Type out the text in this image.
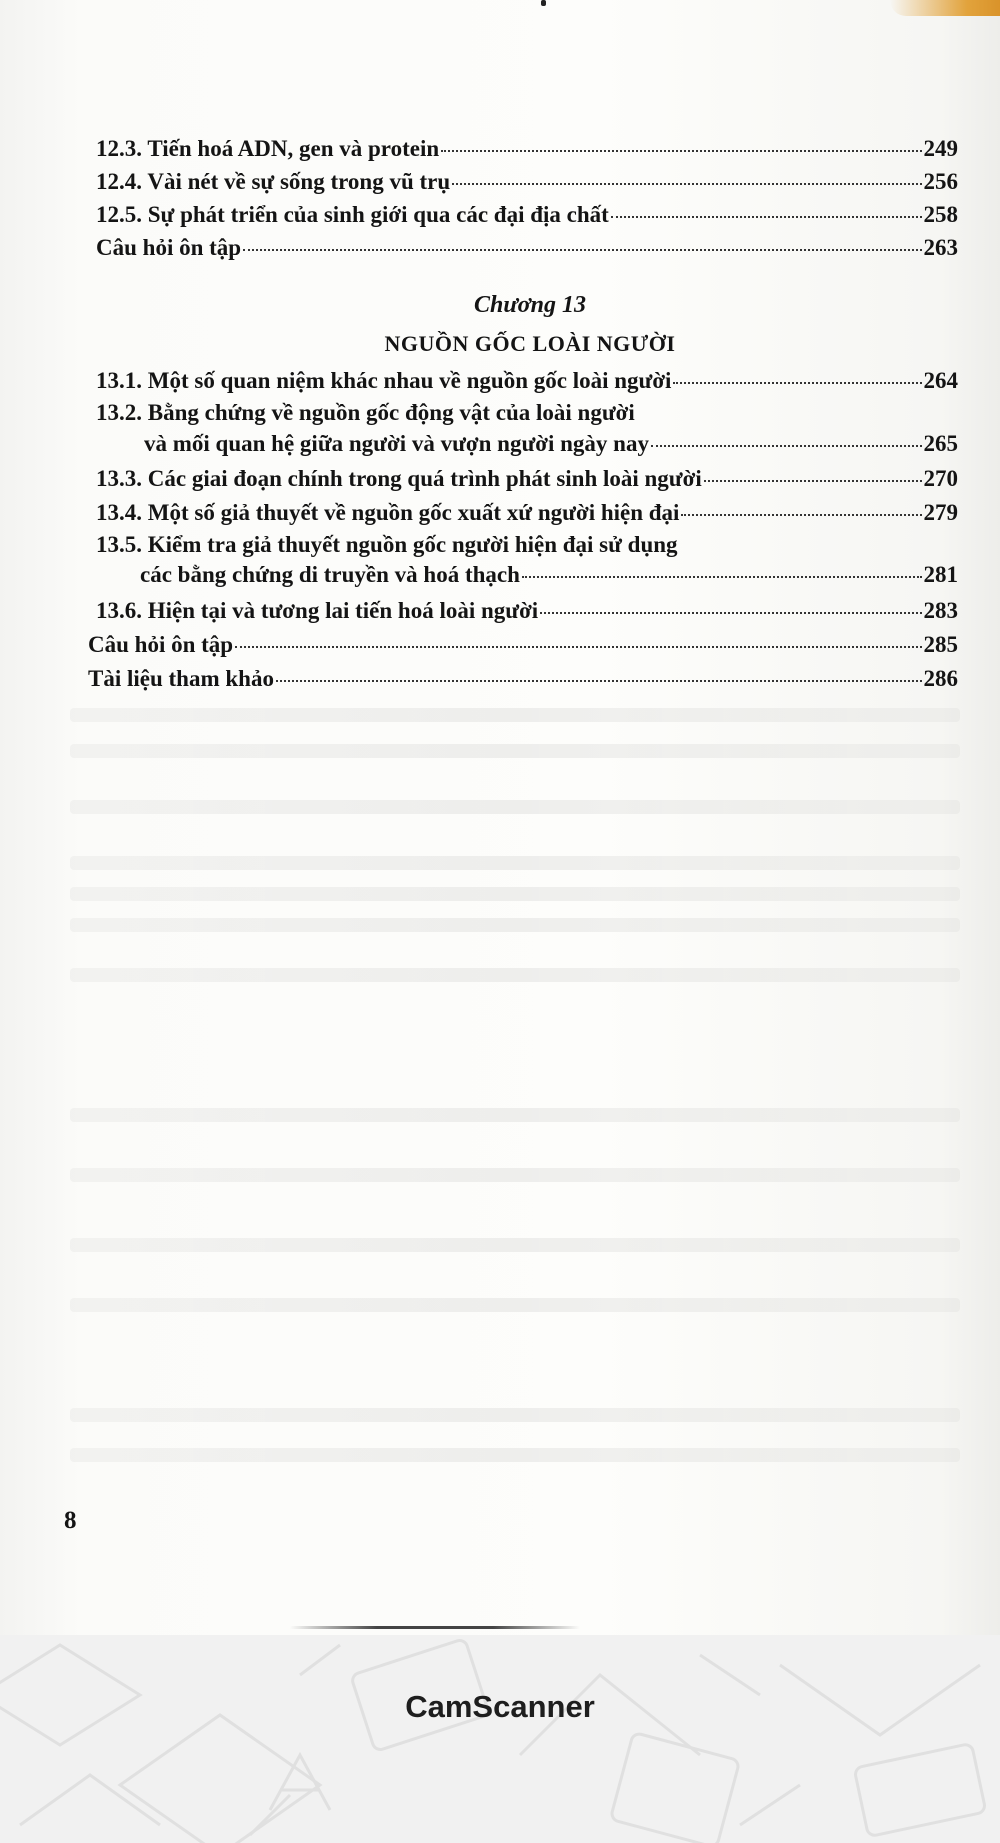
12.3. Tiến hoá ADN, gen và protein	249
12.4. Vài nét về sự sống trong vũ trụ	256
12.5. Sự phát triển của sinh giới qua các đại địa chất	258
Câu hỏi ôn tập	263
Chương 13
NGUỒN GỐC LOÀI NGƯỜI
13.1. Một số quan niệm khác nhau về nguồn gốc loài người	264
13.2. Bằng chứng về nguồn gốc động vật của loài người
và mối quan hệ giữa người và vượn người ngày nay	265
13.3. Các giai đoạn chính trong quá trình phát sinh loài người	270
13.4. Một số giả thuyết về nguồn gốc xuất xứ người hiện đại	279
13.5. Kiểm tra giả thuyết nguồn gốc người hiện đại sử dụng
các bằng chứng di truyền và hoá thạch	281
13.6. Hiện tại và tương lai tiến hoá loài người	283
Câu hỏi ôn tập	285
Tài liệu tham khảo	286
8
CamScanner
